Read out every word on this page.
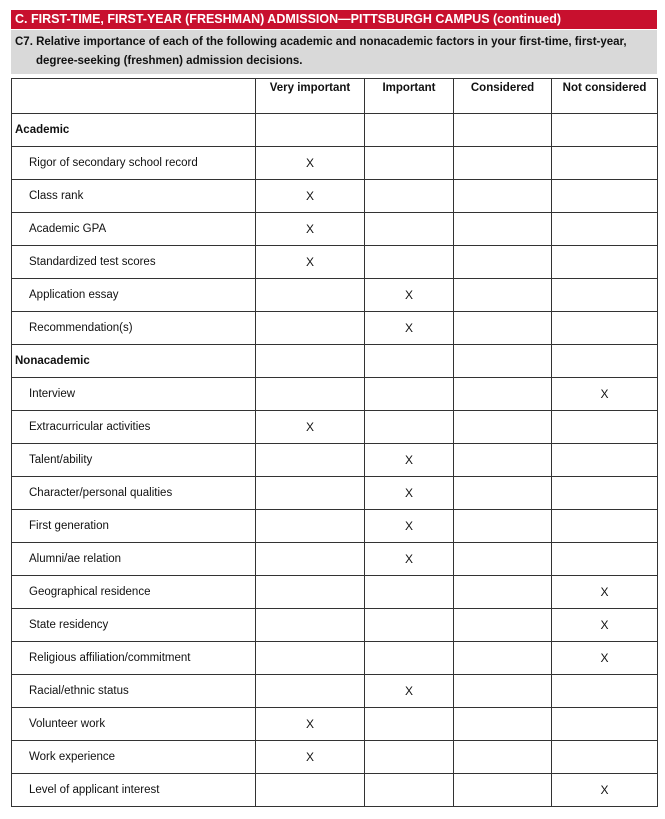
C. FIRST-TIME, FIRST-YEAR (FRESHMAN) ADMISSION—PITTSBURGH CAMPUS (continued)
C7. Relative importance of each of the following academic and nonacademic factors in your first-time, first-year,
degree-seeking (freshmen) admission decisions.
	Very important	Important	Considered	Not considered
Academic				
Rigor of secondary school record	X			
Class rank	X			
Academic GPA	X			
Standardized test scores	X			
Application essay		X		
Recommendation(s)		X		
Nonacademic				
Interview				X
Extracurricular activities	X			
Talent/ability		X		
Character/personal qualities		X		
First generation		X		
Alumni/ae relation		X		
Geographical residence				X
State residency				X
Religious affiliation/commitment				X
Racial/ethnic status		X		
Volunteer work	X			
Work experience	X			
Level of applicant interest				X
